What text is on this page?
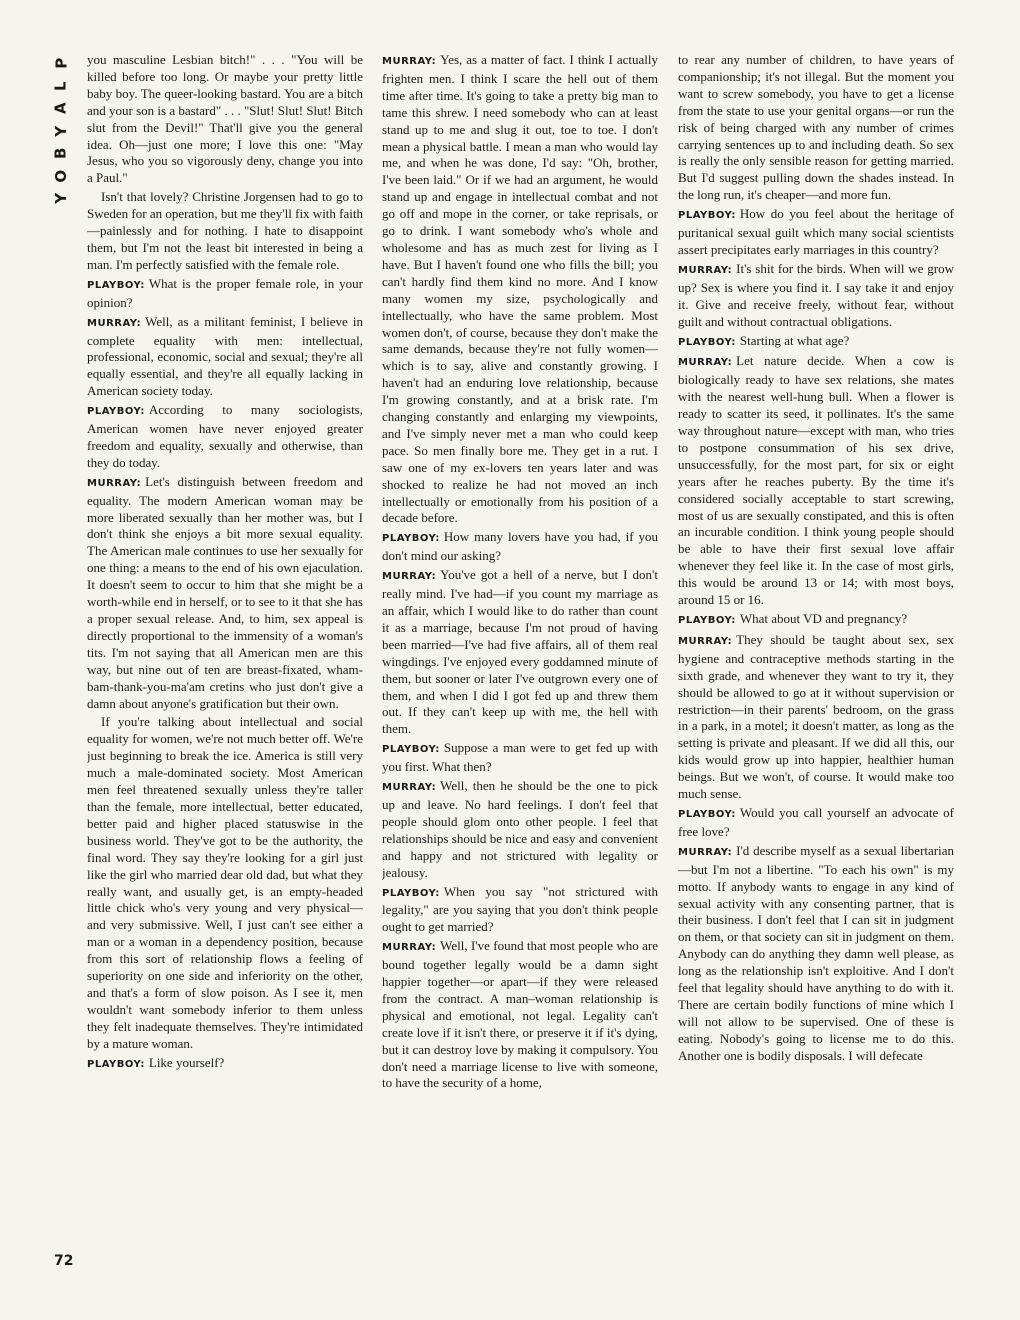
P
L
A
Y
B
O
Y
72

you masculine Lesbian bitch!" . . . "You will be killed before too long. Or maybe your pretty little baby boy. The queer-looking bastard. You are a bitch and your son is a bastard" . . . "Slut! Slut! Slut! Bitch slut from the Devil!" That'll give you the general idea. Oh—just one more; I love this one: "May Jesus, who you so vigorously deny, change you into a Paul."

Isn't that lovely? Christine Jorgensen had to go to Sweden for an operation, but me they'll fix with faith—painlessly and for nothing. I hate to disappoint them, but I'm not the least bit interested in being a man. I'm perfectly satisfied with the female role.

PLAYBOY: What is the proper female role, in your opinion?

MURRAY: Well, as a militant feminist, I believe in complete equality with men: intellectual, professional, economic, social and sexual; they're all equally essential, and they're all equally lacking in American society today.

PLAYBOY: According to many sociologists, American women have never enjoyed greater freedom and equality, sexually and otherwise, than they do today.

MURRAY: Let's distinguish between freedom and equality. The modern American woman may be more liberated sexually than her mother was, but I don't think she enjoys a bit more sexual equality. The American male continues to use her sexually for one thing: a means to the end of his own ejaculation. It doesn't seem to occur to him that she might be a worth-while end in herself, or to see to it that she has a proper sexual release. And, to him, sex appeal is directly proportional to the immensity of a woman's tits. I'm not saying that all American men are this way, but nine out of ten are breast-fixated, wham-bam-thank-you-ma'am cretins who just don't give a damn about anyone's gratification but their own.

If you're talking about intellectual and social equality for women, we're not much better off. We're just beginning to break the ice. America is still very much a male-dominated society. Most American men feel threatened sexually unless they're taller than the female, more intellectual, better educated, better paid and higher placed statuswise in the business world. They've got to be the authority, the final word. They say they're looking for a girl just like the girl who married dear old dad, but what they really want, and usually get, is an empty-headed little chick who's very young and very physical—and very submissive. Well, I just can't see either a man or a woman in a dependency position, because from this sort of relationship flows a feeling of superiority on one side and inferiority on the other, and that's a form of slow poison. As I see it, men wouldn't want somebody inferior to them unless they felt inadequate themselves. They're intimidated by a mature woman.

PLAYBOY: Like yourself?

MURRAY: Yes, as a matter of fact. I think I actually frighten men. I think I scare the hell out of them time after time. It's going to take a pretty big man to tame this shrew. I need somebody who can at least stand up to me and slug it out, toe to toe. I don't mean a physical battle. I mean a man who would lay me, and when he was done, I'd say: "Oh, brother, I've been laid." Or if we had an argument, he would stand up and engage in intellectual combat and not go off and mope in the corner, or take reprisals, or go to drink. I want somebody who's whole and wholesome and has as much zest for living as I have. But I haven't found one who fills the bill; you can't hardly find them kind no more. And I know many women my size, psychologically and intellectually, who have the same problem. Most women don't, of course, because they don't make the same demands, because they're not fully women—which is to say, alive and constantly growing. I haven't had an enduring love relationship, because I'm growing constantly, and at a brisk rate. I'm changing constantly and enlarging my viewpoints, and I've simply never met a man who could keep pace. So men finally bore me. They get in a rut. I saw one of my ex-lovers ten years later and was shocked to realize he had not moved an inch intellectually or emotionally from his position of a decade before.

PLAYBOY: How many lovers have you had, if you don't mind our asking?

MURRAY: You've got a hell of a nerve, but I don't really mind. I've had—if you count my marriage as an affair, which I would like to do rather than count it as a marriage, because I'm not proud of having been married—I've had five affairs, all of them real wingdings. I've enjoyed every goddamned minute of them, but sooner or later I've outgrown every one of them, and when I did I got fed up and threw them out. If they can't keep up with me, the hell with them.

PLAYBOY: Suppose a man were to get fed up with you first. What then?

MURRAY: Well, then he should be the one to pick up and leave. No hard feelings. I don't feel that people should glom onto other people. I feel that relationships should be nice and easy and convenient and happy and not strictured with legality or jealousy.

PLAYBOY: When you say "not strictured with legality," are you saying that you don't think people ought to get married?

MURRAY: Well, I've found that most people who are bound together legally would be a damn sight happier together—or apart—if they were released from the contract. A man–woman relationship is physical and emotional, not legal. Legality can't create love if it isn't there, or preserve it if it's dying, but it can destroy love by making it compulsory. You don't need a marriage license to live with someone, to have the security of a home,

to rear any number of children, to have years of companionship; it's not illegal. But the moment you want to screw somebody, you have to get a license from the state to use your genital organs—or run the risk of being charged with any number of crimes carrying sentences up to and including death. So sex is really the only sensible reason for getting married. But I'd suggest pulling down the shades instead. In the long run, it's cheaper—and more fun.

PLAYBOY: How do you feel about the heritage of puritanical sexual guilt which many social scientists assert precipitates early marriages in this country?

MURRAY: It's shit for the birds. When will we grow up? Sex is where you find it. I say take it and enjoy it. Give and receive freely, without fear, without guilt and without contractual obligations.

PLAYBOY: Starting at what age?

MURRAY: Let nature decide. When a cow is biologically ready to have sex relations, she mates with the nearest well-hung bull. When a flower is ready to scatter its seed, it pollinates. It's the same way throughout nature—except with man, who tries to postpone consummation of his sex drive, unsuccessfully, for the most part, for six or eight years after he reaches puberty. By the time it's considered socially acceptable to start screwing, most of us are sexually constipated, and this is often an incurable condition. I think young people should be able to have their first sexual love affair whenever they feel like it. In the case of most girls, this would be around 13 or 14; with most boys, around 15 or 16.

PLAYBOY: What about VD and pregnancy?

MURRAY: They should be taught about sex, sex hygiene and contraceptive methods starting in the sixth grade, and whenever they want to try it, they should be allowed to go at it without supervision or restriction—in their parents' bedroom, on the grass in a park, in a motel; it doesn't matter, as long as the setting is private and pleasant. If we did all this, our kids would grow up into happier, healthier human beings. But we won't, of course. It would make too much sense.

PLAYBOY: Would you call yourself an advocate of free love?

MURRAY: I'd describe myself as a sexual libertarian—but I'm not a libertine. "To each his own" is my motto. If anybody wants to engage in any kind of sexual activity with any consenting partner, that is their business. I don't feel that I can sit in judgment on them, or that society can sit in judgment on them. Anybody can do anything they damn well please, as long as the relationship isn't exploitive. And I don't feel that legality should have anything to do with it. There are certain bodily functions of mine which I will not allow to be supervised. One of these is eating. Nobody's going to license me to do this. Another one is bodily disposals. I will defecate
